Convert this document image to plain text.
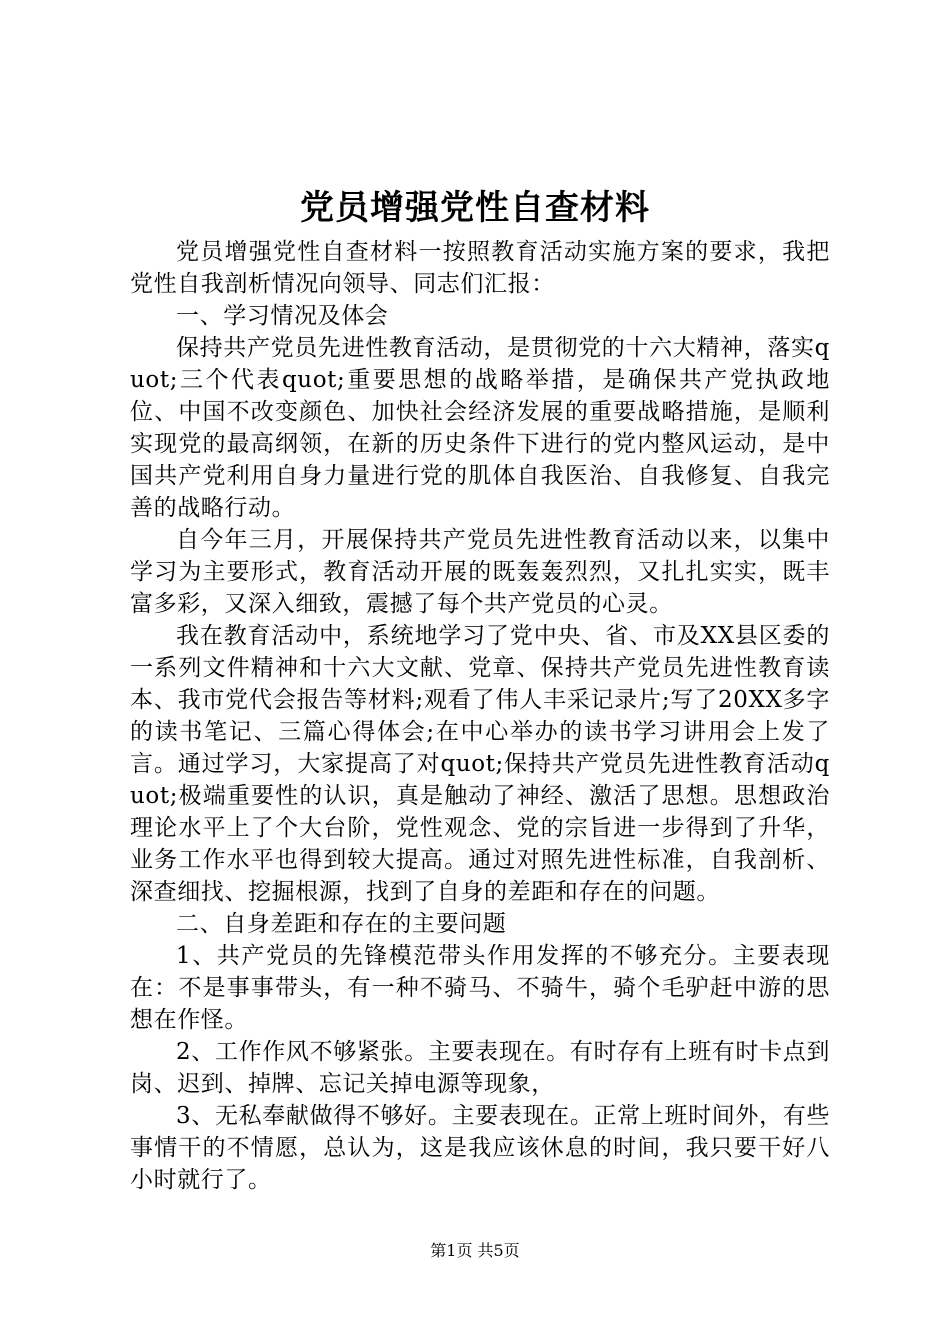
党员增强党性自查材料

党员增强党性自查材料一按照教育活动实施方案的要求，我把党性自我剖析情况向领导、同志们汇报：

一、学习情况及体会

保持共产党员先进性教育活动，是贯彻党的十六大精神，落实quot;三个代表quot;重要思想的战略举措，是确保共产党执政地位、中国不改变颜色、加快社会经济发展的重要战略措施，是顺利实现党的最高纲领，在新的历史条件下进行的党内整风运动，是中国共产党利用自身力量进行党的肌体自我医治、自我修复、自我完善的战略行动。

自今年三月，开展保持共产党员先进性教育活动以来，以集中学习为主要形式，教育活动开展的既轰轰烈烈，又扎扎实实，既丰富多彩，又深入细致，震撼了每个共产党员的心灵。

我在教育活动中，系统地学习了党中央、省、市及XX县区委的一系列文件精神和十六大文献、党章、保持共产党员先进性教育读本、我市党代会报告等材料;观看了伟人丰采记录片;写了20XX多字的读书笔记、三篇心得体会;在中心举办的读书学习讲用会上发了言。通过学习，大家提高了对quot;保持共产党员先进性教育活动quot;极端重要性的认识，真是触动了神经、激活了思想。思想政治理论水平上了个大台阶，党性观念、党的宗旨进一步得到了升华，业务工作水平也得到较大提高。通过对照先进性标准，自我剖析、深查细找、挖掘根源，找到了自身的差距和存在的问题。

二、自身差距和存在的主要问题

1、共产党员的先锋模范带头作用发挥的不够充分。主要表现在：不是事事带头，有一种不骑马、不骑牛，骑个毛驴赶中游的思想在作怪。

2、工作作风不够紧张。主要表现在。有时存有上班有时卡点到岗、迟到、掉牌、忘记关掉电源等现象，

3、无私奉献做得不够好。主要表现在。正常上班时间外，有些事情干的不情愿，总认为，这是我应该休息的时间，我只要干好八小时就行了。

第1页 共5页
